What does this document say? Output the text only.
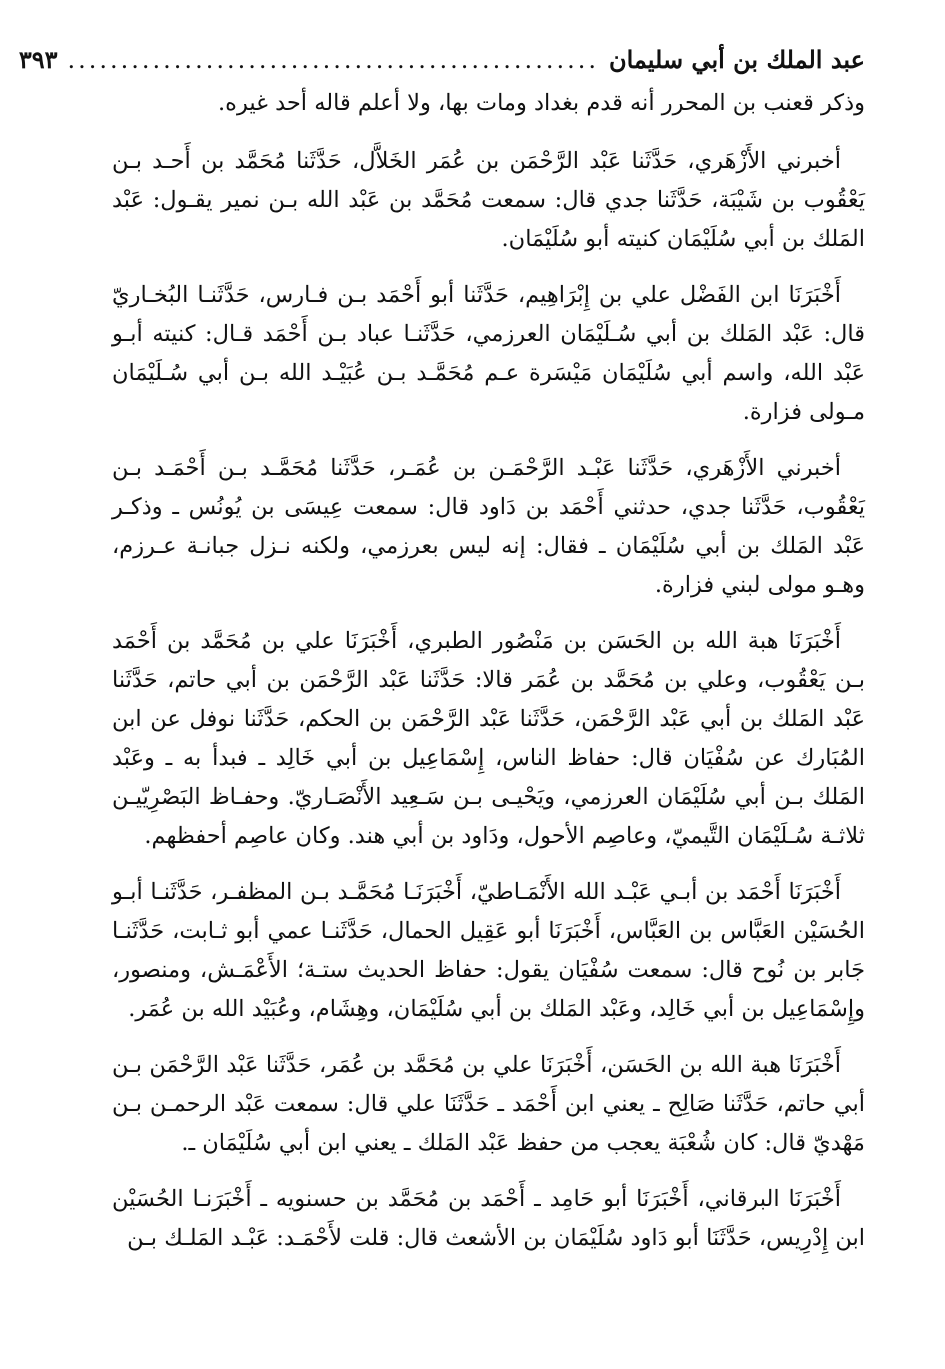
عبد الملك بن أبي سليمان
..................................................
٣٩٣

وذكر قعنب بن المحرر أنه قدم بغداد ومات بها، ولا أعلم قاله أحد غيره.

أخبرني الأَزْهَري، حَدَّثَنا عَبْد الرَّحْمَن بن عُمَر الخَلاَّل، حَدَّثَنا مُحَمَّد بن أَحـد بـن يَعْقُوب بن شَيْبَة، حَدَّثَنا جدي قال: سمعت مُحَمَّد بن عَبْد الله بـن نمير يقـول: عَبْد المَلك بن أبي سُلَيْمَان كنيته أبو سُلَيْمَان.

أَخْبَرَنَا ابن الفَضْل علي بن إِبْرَاهِيم، حَدَّثَنا أبو أَحْمَد بـن فـارس، حَدَّثَنـا البُخـاريّ قال: عَبْد المَلك بن أبي سُـلَيْمَان العرزمي، حَدَّثَنـا عباد بـن أَحْمَد قـال: كنيته أبـو عَبْد الله، واسم أبي سُلَيْمَان مَيْسَرة عـم مُحَمَّـد بـن عُبَيْـد الله بـن أبي سُـلَيْمَان مـولى فزارة.

أخبرني الأَزْهَري، حَدَّثَنا عَبْـد الرَّحْمَـن بن عُمَـر، حَدَّثَنا مُحَمَّـد بـن أَحْمَـد بـن يَعْقُوب، حَدَّثَنا جدي، حدثني أَحْمَد بن دَاود قال: سمعت عِيسَى بن يُونُس ـ وذكـر عَبْد المَلك بن أبي سُلَيْمَان ـ فقال: إنه ليس بعرزمي، ولكنه نـزل جبانـة عـرزم، وهـو مولى لبني فزارة.

أَخْبَرَنَا هبة الله بن الحَسَن بن مَنْصُور الطبري، أَخْبَرَنَا علي بن مُحَمَّد بن أَحْمَد بـن يَعْقُوب، وعلي بن مُحَمَّد بن عُمَر قالا: حَدَّثَنا عَبْد الرَّحْمَن بن أبي حاتم، حَدَّثَنا عَبْد المَلك بن أبي عَبْد الرَّحْمَن، حَدَّثَنا عَبْد الرَّحْمَن بن الحكم، حَدَّثَنا نوفل عن ابن المُبَارك عن سُفْيَان قال: حفاظ الناس، إِسْمَاعِيل بن أبي خَالِد ـ فبدأ به ـ وعَبْد المَلك بـن أبي سُلَيْمَان العرزمي، ويَحْيـى بـن سَـعِيد الأَنْصَـاريّ. وحفـاظ البَصْرِيّيـن ثلاثـة سُـلَيْمَان التَّيميّ، وعاصِم الأحول، ودَاود بن أبي هند. وكان عاصِم أحفظهم.

أَخْبَرَنَا أَحْمَد بن أبـي عَبْـد الله الأَنْمَـاطيّ، أَخْبَرَنَـا مُحَمَّـد بـن المظفـر، حَدَّثَنـا أبـو الحُسَيْن العَبَّاس بن العَبَّاس، أَخْبَرَنَا أبو عَقِيل الحمال، حَدَّثَنـا عمي أبو ثـابت، حَدَّثَنـا جَابر بن نُوح قال: سمعت سُفْيَان يقول: حفاظ الحديث ستـة؛ الأَعْمَـش، ومنصور، وإِسْمَاعِيل بن أبي خَالِد، وعَبْد المَلك بن أبي سُلَيْمَان، وهِشَام، وعُبَيْد الله بن عُمَر.

أَخْبَرَنَا هبة الله بن الحَسَن، أَخْبَرَنَا علي بن مُحَمَّد بن عُمَر، حَدَّثَنا عَبْد الرَّحْمَن بـن أبي حاتم، حَدَّثَنا صَالِح ـ يعني ابن أَحْمَد ـ حَدَّثَنَا علي قال: سمعت عَبْد الرحمـن بـن مَهْديّ قال: كان شُعْبَة يعجب من حفظ عَبْد المَلك ـ يعني ابن أبي سُلَيْمَان ـ.

أَخْبَرَنَا البرقاني، أَخْبَرَنَا أبو حَامِد ـ أَحْمَد بن مُحَمَّد بن حسنويه ـ أَخْبَرَنـا الحُسَيْن ابن إِدْرِيس، حَدَّثَنَا أبو دَاود سُلَيْمَان بن الأشعث قال: قلت لأَحْمَـد: عَبْـد المَلـك بـن
